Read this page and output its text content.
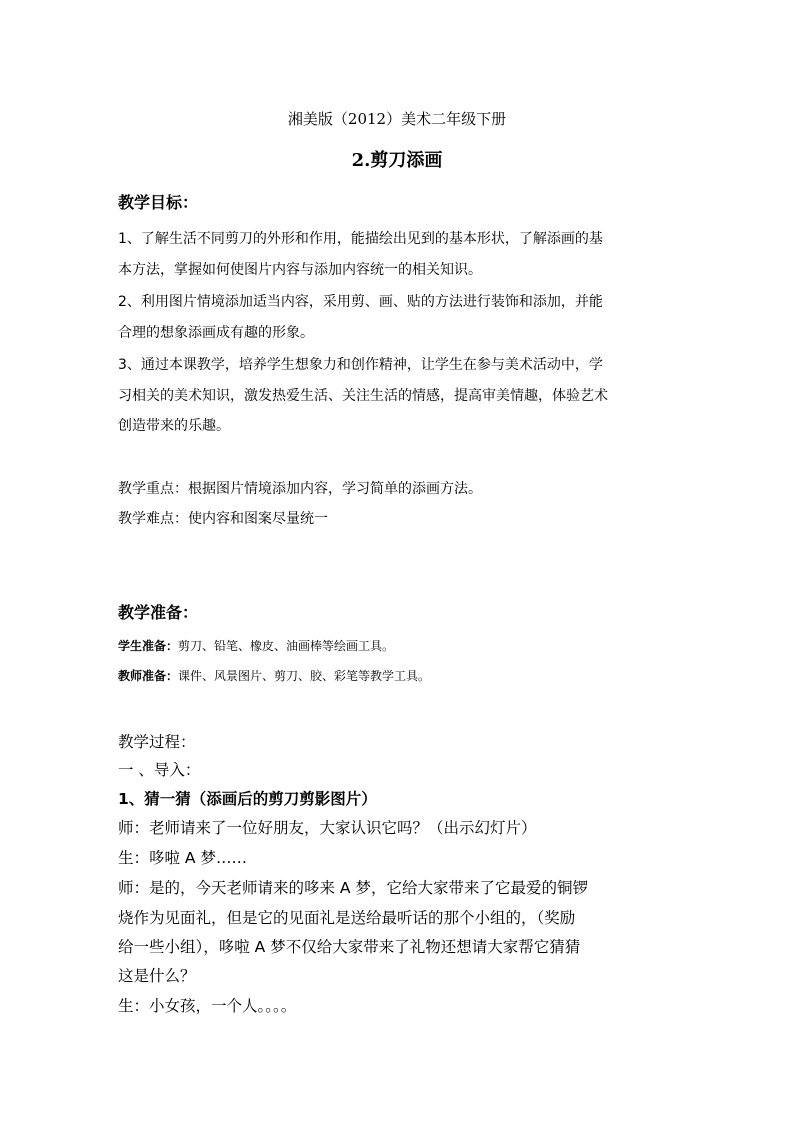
湘美版（2012）美术二年级下册
2.剪刀添画
教学目标：
1、了解生活不同剪刀的外形和作用，能描绘出见到的基本形状，了解添画的基
本方法，掌握如何使图片内容与添加内容统一的相关知识。
2、利用图片情境添加适当内容，采用剪、画、贴的方法进行装饰和添加，并能
合理的想象添画成有趣的形象。
3、通过本课教学，培养学生想象力和创作精神，让学生在参与美术活动中，学
习相关的美术知识，激发热爱生活、关注生活的情感，提高审美情趣，体验艺术
创造带来的乐趣。
教学重点：根据图片情境添加内容，学习简单的添画方法。
教学难点：使内容和图案尽量统一
教学准备：
学生准备：剪刀、铅笔、橡皮、油画棒等绘画工具。
教师准备：课件、风景图片、剪刀、胶、彩笔等教学工具。
教学过程：
一 、导入：
1、猜一猜（添画后的剪刀剪影图片）
师：老师请来了一位好朋友，大家认识它吗？（出示幻灯片）
生：哆啦 A 梦……
师：是的，今天老师请来的哆来 A 梦，它给大家带来了它最爱的铜锣
烧作为见面礼，但是它的见面礼是送给最听话的那个小组的，（奖励
给一些小组），哆啦 A 梦不仅给大家带来了礼物还想请大家帮它猜猜
这是什么？
生：小女孩，一个人。。。。
